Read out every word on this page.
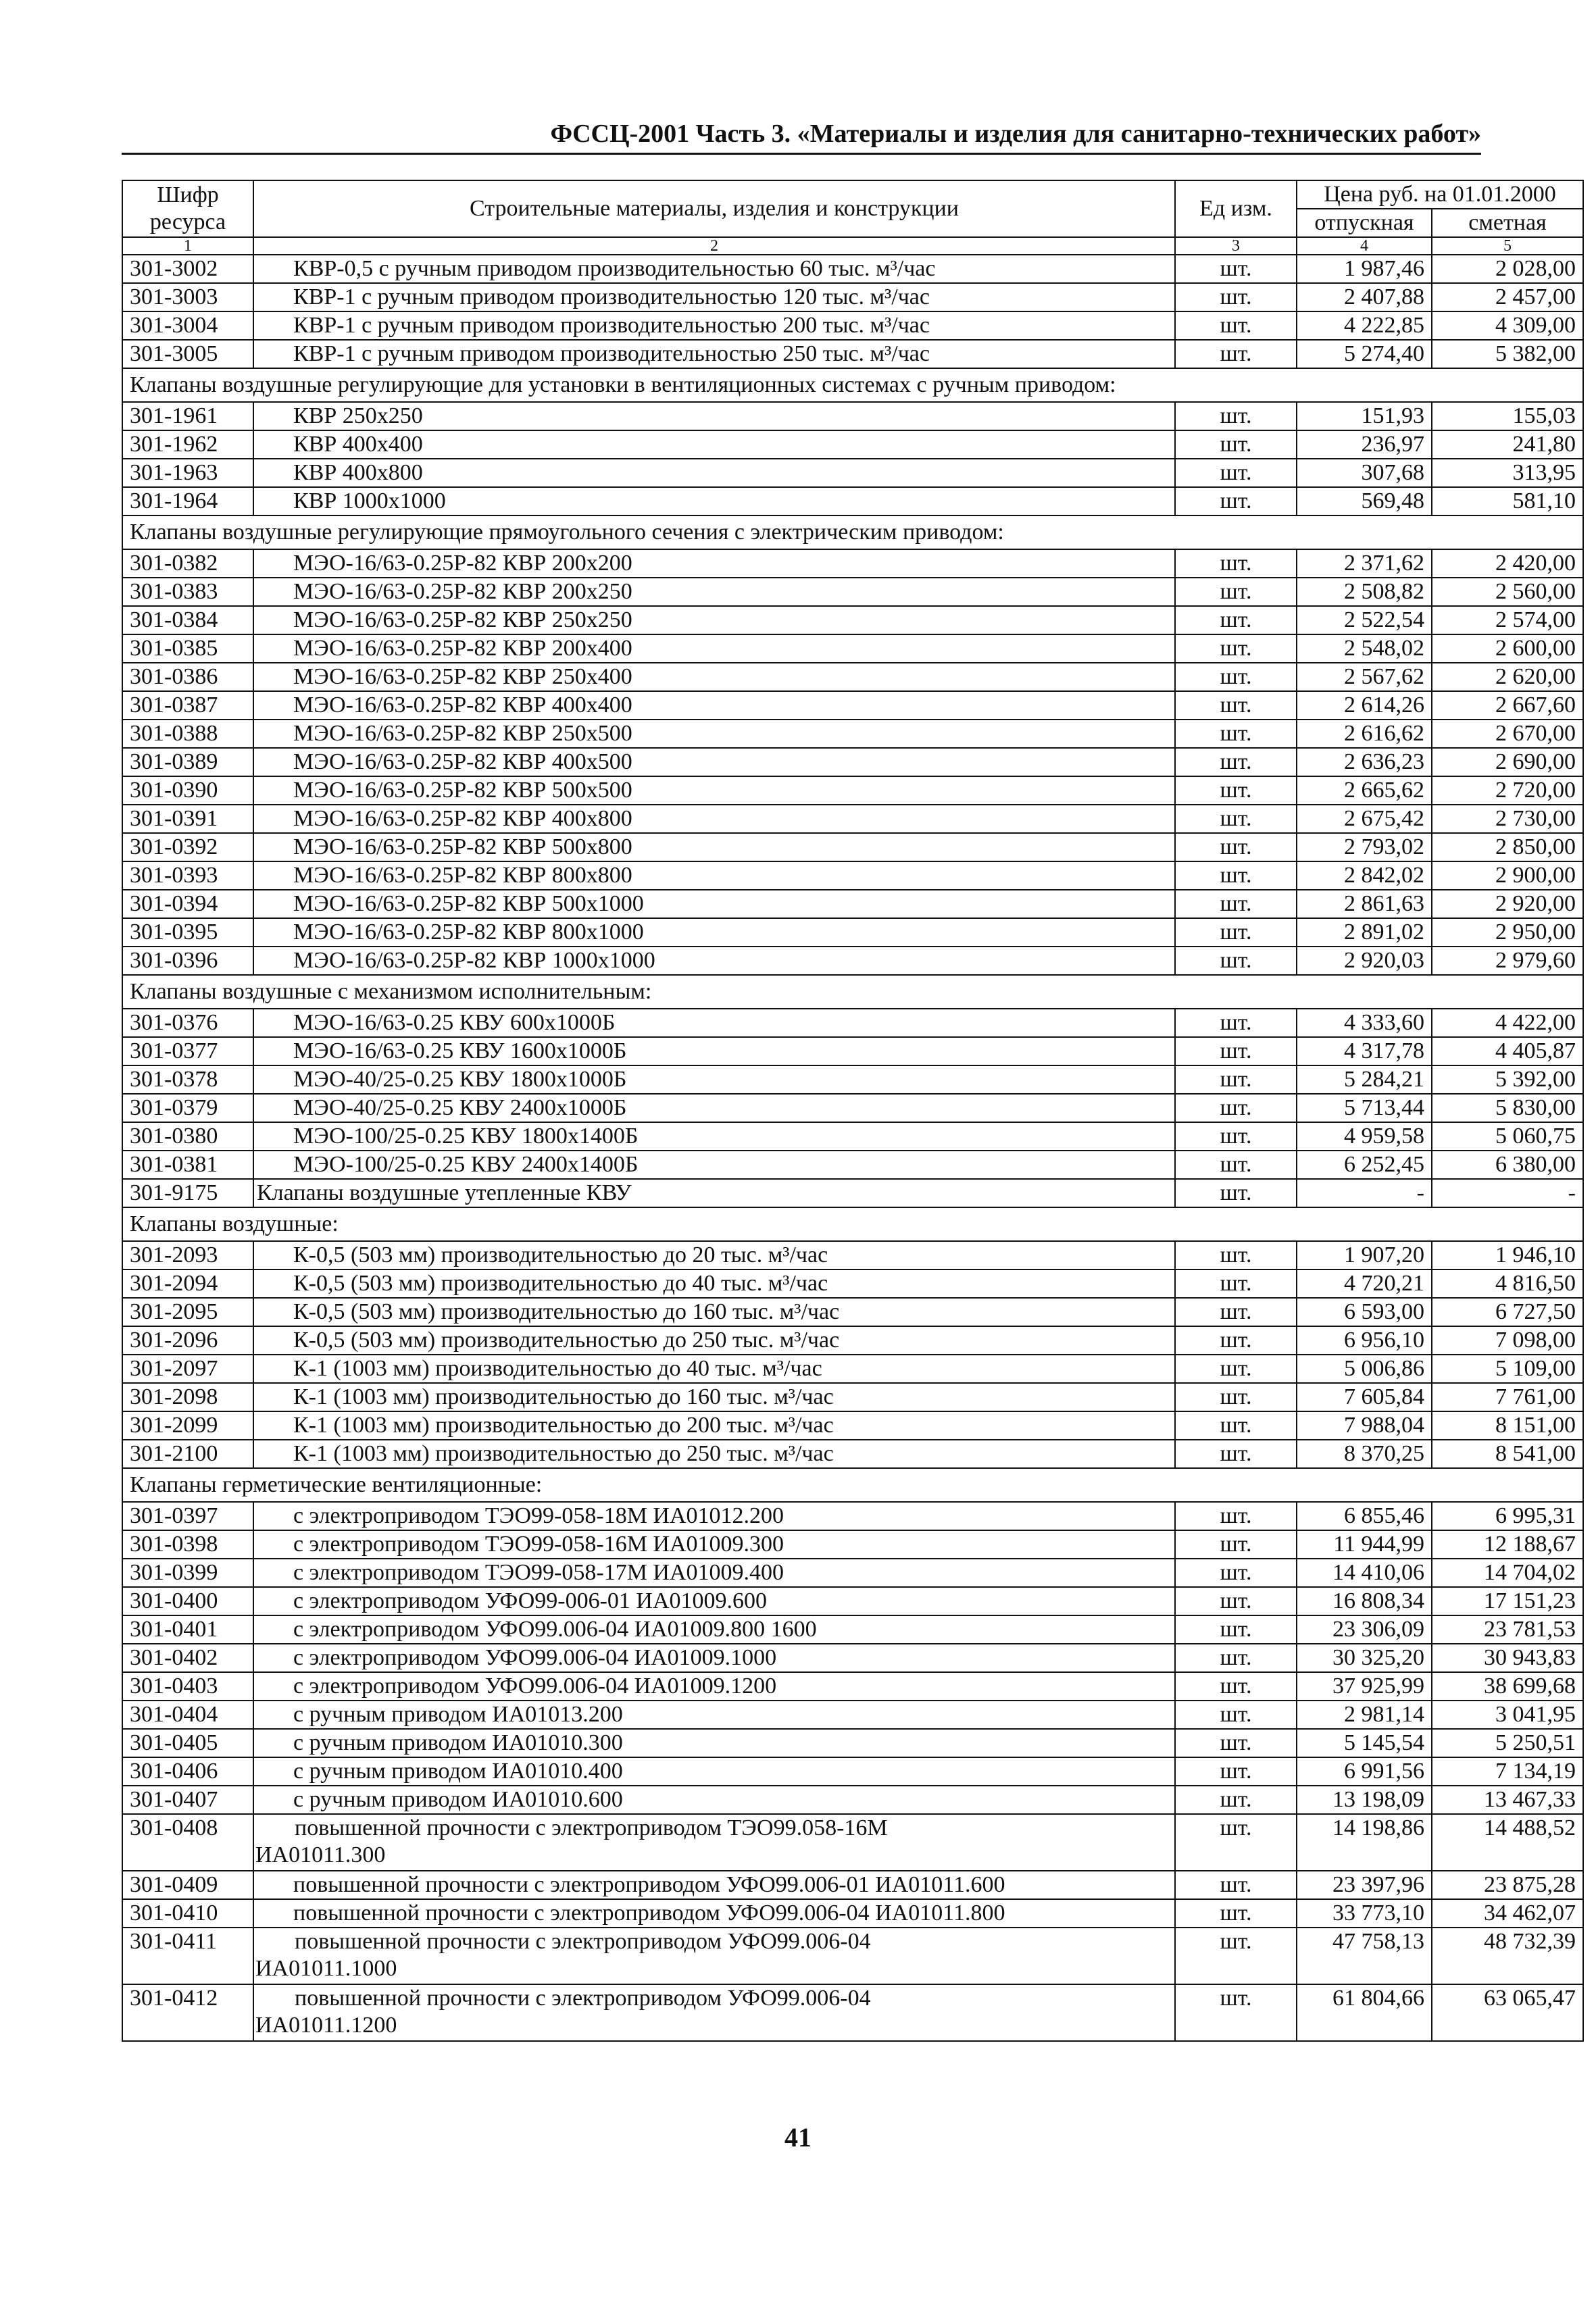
ФССЦ-2001 Часть 3. «Материалы и изделия для санитарно-технических работ»
Шифр ресурса	Строительные материалы, изделия и конструкции	Ед изм.	Цена руб. на 01.01.2000	
			отпускная	сметная
1	2	3	4	5
301-3002	КВР-0,5 с ручным приводом производительностью 60 тыс. м³/час	шт.	1 987,46	2 028,00
301-3003	КВР-1 с ручным приводом производительностью 120 тыс. м³/час	шт.	2 407,88	2 457,00
301-3004	КВР-1 с ручным приводом производительностью 200 тыс. м³/час	шт.	4 222,85	4 309,00
301-3005	КВР-1 с ручным приводом производительностью 250 тыс. м³/час	шт.	5 274,40	5 382,00
Клапаны воздушные регулирующие для установки в вентиляционных системах с ручным приводом:				
301-1961	КВР 250х250	шт.	151,93	155,03
301-1962	КВР 400х400	шт.	236,97	241,80
301-1963	КВР 400х800	шт.	307,68	313,95
301-1964	КВР 1000х1000	шт.	569,48	581,10
Клапаны воздушные регулирующие прямоугольного сечения с электрическим приводом:				
301-0382	МЭО-16/63-0.25Р-82 КВР 200х200	шт.	2 371,62	2 420,00
301-0383	МЭО-16/63-0.25Р-82 КВР 200х250	шт.	2 508,82	2 560,00
301-0384	МЭО-16/63-0.25Р-82 КВР 250х250	шт.	2 522,54	2 574,00
301-0385	МЭО-16/63-0.25Р-82 КВР 200х400	шт.	2 548,02	2 600,00
301-0386	МЭО-16/63-0.25Р-82 КВР 250х400	шт.	2 567,62	2 620,00
301-0387	МЭО-16/63-0.25Р-82 КВР 400х400	шт.	2 614,26	2 667,60
301-0388	МЭО-16/63-0.25Р-82 КВР 250х500	шт.	2 616,62	2 670,00
301-0389	МЭО-16/63-0.25Р-82 КВР 400х500	шт.	2 636,23	2 690,00
301-0390	МЭО-16/63-0.25Р-82 КВР 500х500	шт.	2 665,62	2 720,00
301-0391	МЭО-16/63-0.25Р-82 КВР 400х800	шт.	2 675,42	2 730,00
301-0392	МЭО-16/63-0.25Р-82 КВР 500х800	шт.	2 793,02	2 850,00
301-0393	МЭО-16/63-0.25Р-82 КВР 800х800	шт.	2 842,02	2 900,00
301-0394	МЭО-16/63-0.25Р-82 КВР 500х1000	шт.	2 861,63	2 920,00
301-0395	МЭО-16/63-0.25Р-82 КВР 800х1000	шт.	2 891,02	2 950,00
301-0396	МЭО-16/63-0.25Р-82 КВР 1000х1000	шт.	2 920,03	2 979,60
Клапаны воздушные с механизмом исполнительным:				
301-0376	МЭО-16/63-0.25 КВУ 600х1000Б	шт.	4 333,60	4 422,00
301-0377	МЭО-16/63-0.25 КВУ 1600х1000Б	шт.	4 317,78	4 405,87
301-0378	МЭО-40/25-0.25 КВУ 1800х1000Б	шт.	5 284,21	5 392,00
301-0379	МЭО-40/25-0.25 КВУ 2400х1000Б	шт.	5 713,44	5 830,00
301-0380	МЭО-100/25-0.25 КВУ 1800х1400Б	шт.	4 959,58	5 060,75
301-0381	МЭО-100/25-0.25 КВУ 2400х1400Б	шт.	6 252,45	6 380,00
301-9175	Клапаны воздушные утепленные КВУ	шт.	-	-
Клапаны воздушные:				
301-2093	К-0,5 (503 мм) производительностью до 20 тыс. м³/час	шт.	1 907,20	1 946,10
301-2094	К-0,5 (503 мм) производительностью до 40 тыс. м³/час	шт.	4 720,21	4 816,50
301-2095	К-0,5 (503 мм) производительностью до 160 тыс. м³/час	шт.	6 593,00	6 727,50
301-2096	К-0,5 (503 мм) производительностью до 250 тыс. м³/час	шт.	6 956,10	7 098,00
301-2097	К-1 (1003 мм) производительностью до 40 тыс. м³/час	шт.	5 006,86	5 109,00
301-2098	К-1 (1003 мм) производительностью до 160 тыс. м³/час	шт.	7 605,84	7 761,00
301-2099	К-1 (1003 мм) производительностью до 200 тыс. м³/час	шт.	7 988,04	8 151,00
301-2100	К-1 (1003 мм) производительностью до 250 тыс. м³/час	шт.	8 370,25	8 541,00
Клапаны герметические вентиляционные:				
301-0397	с электроприводом ТЭО99-058-18М ИА01012.200	шт.	6 855,46	6 995,31
301-0398	с электроприводом ТЭО99-058-16М ИА01009.300	шт.	11 944,99	12 188,67
301-0399	с электроприводом ТЭО99-058-17М ИА01009.400	шт.	14 410,06	14 704,02
301-0400	с электроприводом УФО99-006-01 ИА01009.600	шт.	16 808,34	17 151,23
301-0401	с электроприводом УФО99.006-04 ИА01009.800 1600	шт.	23 306,09	23 781,53
301-0402	с электроприводом УФО99.006-04 ИА01009.1000	шт.	30 325,20	30 943,83
301-0403	с электроприводом УФО99.006-04 ИА01009.1200	шт.	37 925,99	38 699,68
301-0404	с ручным приводом ИА01013.200	шт.	2 981,14	3 041,95
301-0405	с ручным приводом ИА01010.300	шт.	5 145,54	5 250,51
301-0406	с ручным приводом ИА01010.400	шт.	6 991,56	7 134,19
301-0407	с ручным приводом ИА01010.600	шт.	13 198,09	13 467,33
301-0408	повышенной прочности с электроприводом ТЭО99.058-16М
ИА01011.300	шт.	14 198,86	14 488,52
301-0409	повышенной прочности с электроприводом УФО99.006-01 ИА01011.600	шт.	23 397,96	23 875,28
301-0410	повышенной прочности с электроприводом УФО99.006-04 ИА01011.800	шт.	33 773,10	34 462,07
301-0411	повышенной прочности с электроприводом УФО99.006-04
ИА01011.1000	шт.	47 758,13	48 732,39
301-0412	повышенной прочности с электроприводом УФО99.006-04
ИА01011.1200	шт.	61 804,66	63 065,47
41
